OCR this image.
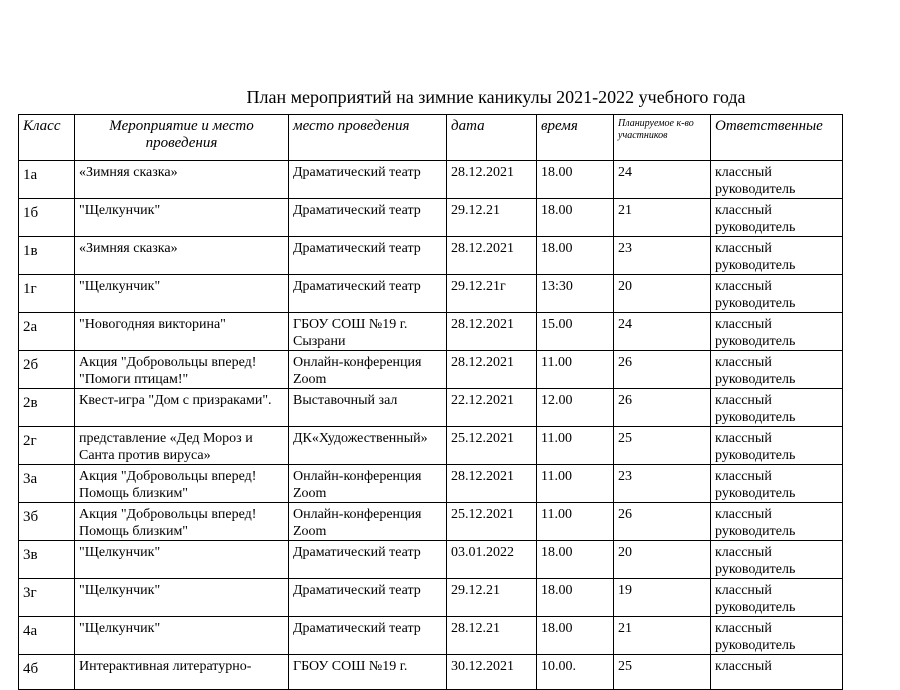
План мероприятий на зимние каникулы 2021-2022 учебного года
Класс	Мероприятие и место проведения	место проведения	дата	время	Планируемое к-во участников	Ответственные
1а	«Зимняя сказка»	Драматический театр	28.12.2021	18.00	24	классный руководитель
1б	"Щелкунчик"	Драматический театр	29.12.21	18.00	21	классный руководитель
1в	«Зимняя сказка»	Драматический театр	28.12.2021	18.00	23	классный руководитель
1г	"Щелкунчик"	Драматический театр	29.12.21г	13:30	20	классный руководитель
2а	"Новогодняя викторина"	ГБОУ СОШ №19 г. Сызрани	28.12.2021	15.00	24	классный руководитель
2б	Акция "Добровольцы вперед! "Помоги птицам!"	Онлайн-конференция Zoom	28.12.2021	11.00	26	классный руководитель
2в	Квест-игра "Дом с призраками".	Выставочный зал	22.12.2021	12.00	26	классный руководитель
2г	представление «Дед Мороз и Санта против вируса»	ДК«Художественный»	25.12.2021	11.00	25	классный руководитель
3а	Акция "Добровольцы вперед! Помощь близким"	Онлайн-конференция Zoom	28.12.2021	11.00	23	классный руководитель
3б	Акция "Добровольцы вперед! Помощь близким"	Онлайн-конференция Zoom	25.12.2021	11.00	26	классный руководитель
3в	"Щелкунчик"	Драматический театр	03.01.2022	18.00	20	классный руководитель
3г	"Щелкунчик"	Драматический театр	29.12.21	18.00	19	классный руководитель
4а	"Щелкунчик"	Драматический театр	28.12.21	18.00	21	классный руководитель
4б	Интерактивная литературно-	ГБОУ СОШ №19 г.	30.12.2021	10.00.	25	классный
